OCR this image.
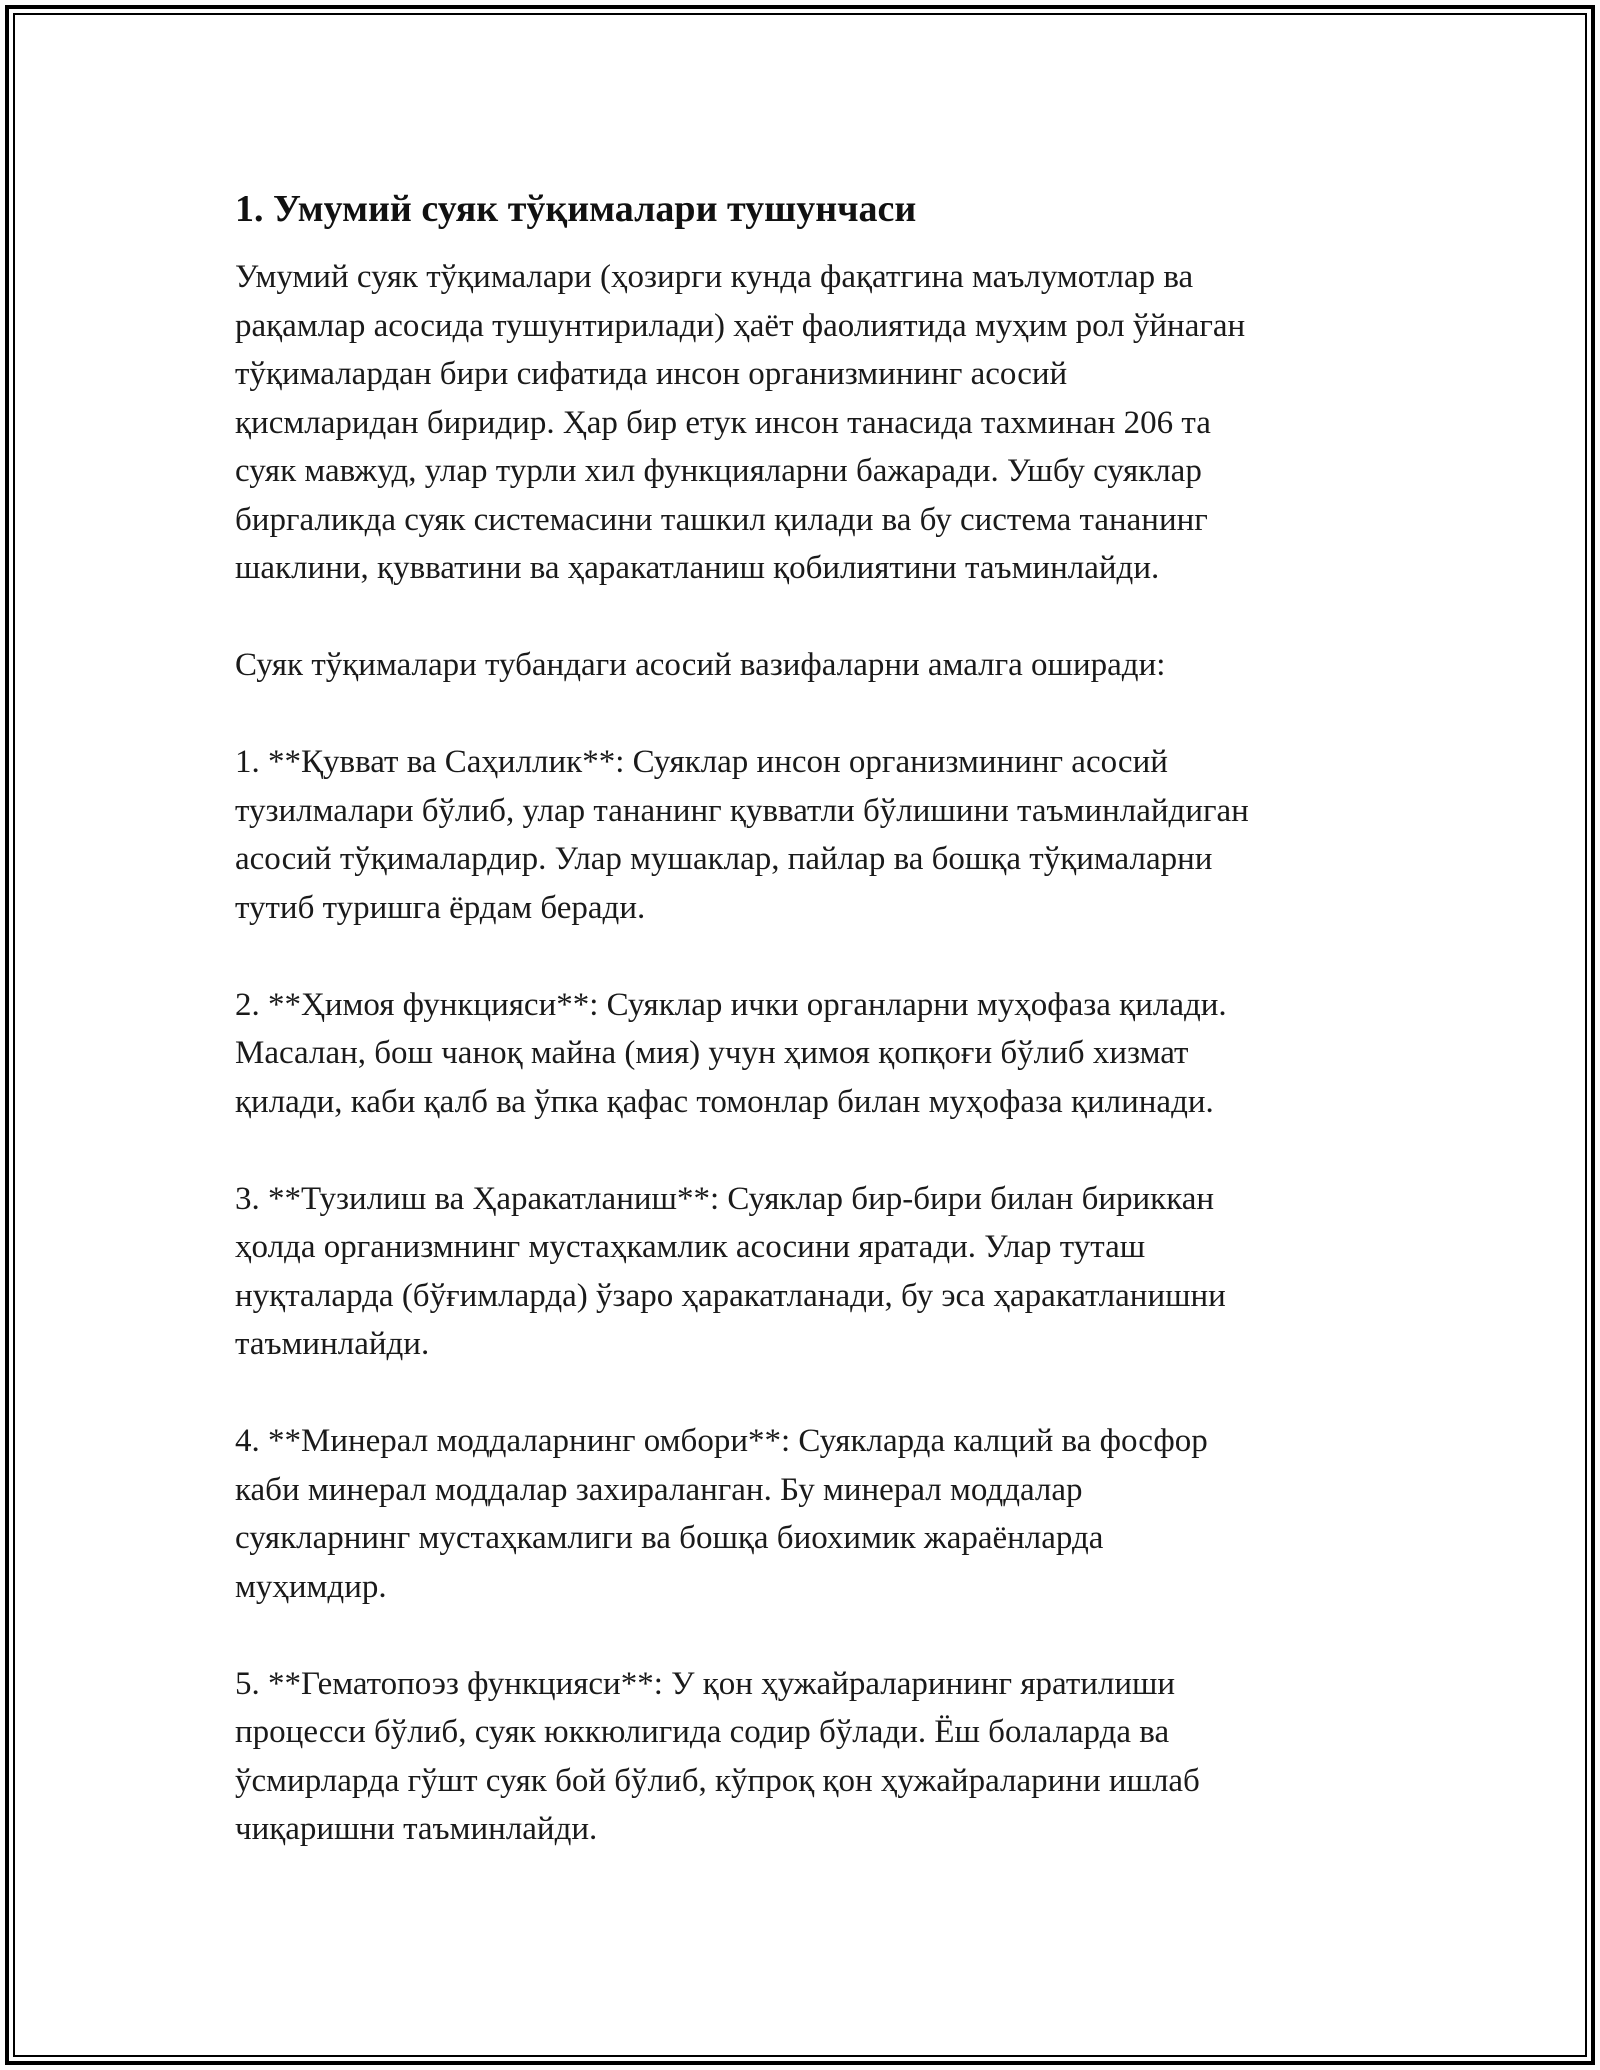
1. Умумий суяк тўқималари тушунчаси

Умумий суяк тўқималари (ҳозирги кунда фақатгина маълумотлар ва
рақамлар асосида тушунтирилади) ҳаёт фаолиятида муҳим рол ўйнаган
тўқималардан бири сифатида инсон организмининг асосий
қисмларидан биридир. Ҳар бир етук инсон танасида тахминан 206 та
суяк мавжуд, улар турли хил функцияларни бажаради. Ушбу суяклар
биргаликда суяк системасини ташкил қилади ва бу система тананинг
шаклини, қувватини ва ҳаракатланиш қобилиятини таъминлайди.

Суяк тўқималари тубандаги асосий вазифаларни амалга оширади:

1. **Қувват ва Саҳиллик**: Суяклар инсон организмининг асосий
тузилмалари бўлиб, улар тананинг қувватли бўлишини таъминлайдиган
асосий тўқималардир. Улар мушаклар, пайлар ва бошқа тўқималарни
тутиб туришга ёрдам беради.

2. **Ҳимоя функцияси**: Суяклар ички органларни муҳофаза қилади.
Масалан, бош чаноқ майна (мия) учун ҳимоя қопқоғи бўлиб хизмат
қилади, каби қалб ва ўпка қафас томонлар билан муҳофаза қилинади.

3. **Тузилиш ва Ҳаракатланиш**: Суяклар бир-бири билан бириккан
ҳолда организмнинг мустаҳкамлик асосини яратади. Улар туташ
нуқталарда (бўғимларда) ўзаро ҳаракатланади, бу эса ҳаракатланишни
таъминлайди.

4. **Минерал моддаларнинг омбори**: Суякларда калций ва фосфор
каби минерал моддалар захираланган. Бу минерал моддалар
суякларнинг мустаҳкамлиги ва бошқа биохимик жараёнларда
муҳимдир.

5. **Гематопоэз функцияси**: У қон ҳужайраларининг яратилиши
процесси бўлиб, суяк юккюлигида содир бўлади. Ёш болаларда ва
ўсмирларда гўшт суяк бой бўлиб, кўпроқ қон ҳужайраларини ишлаб
чиқаришни таъминлайди.
